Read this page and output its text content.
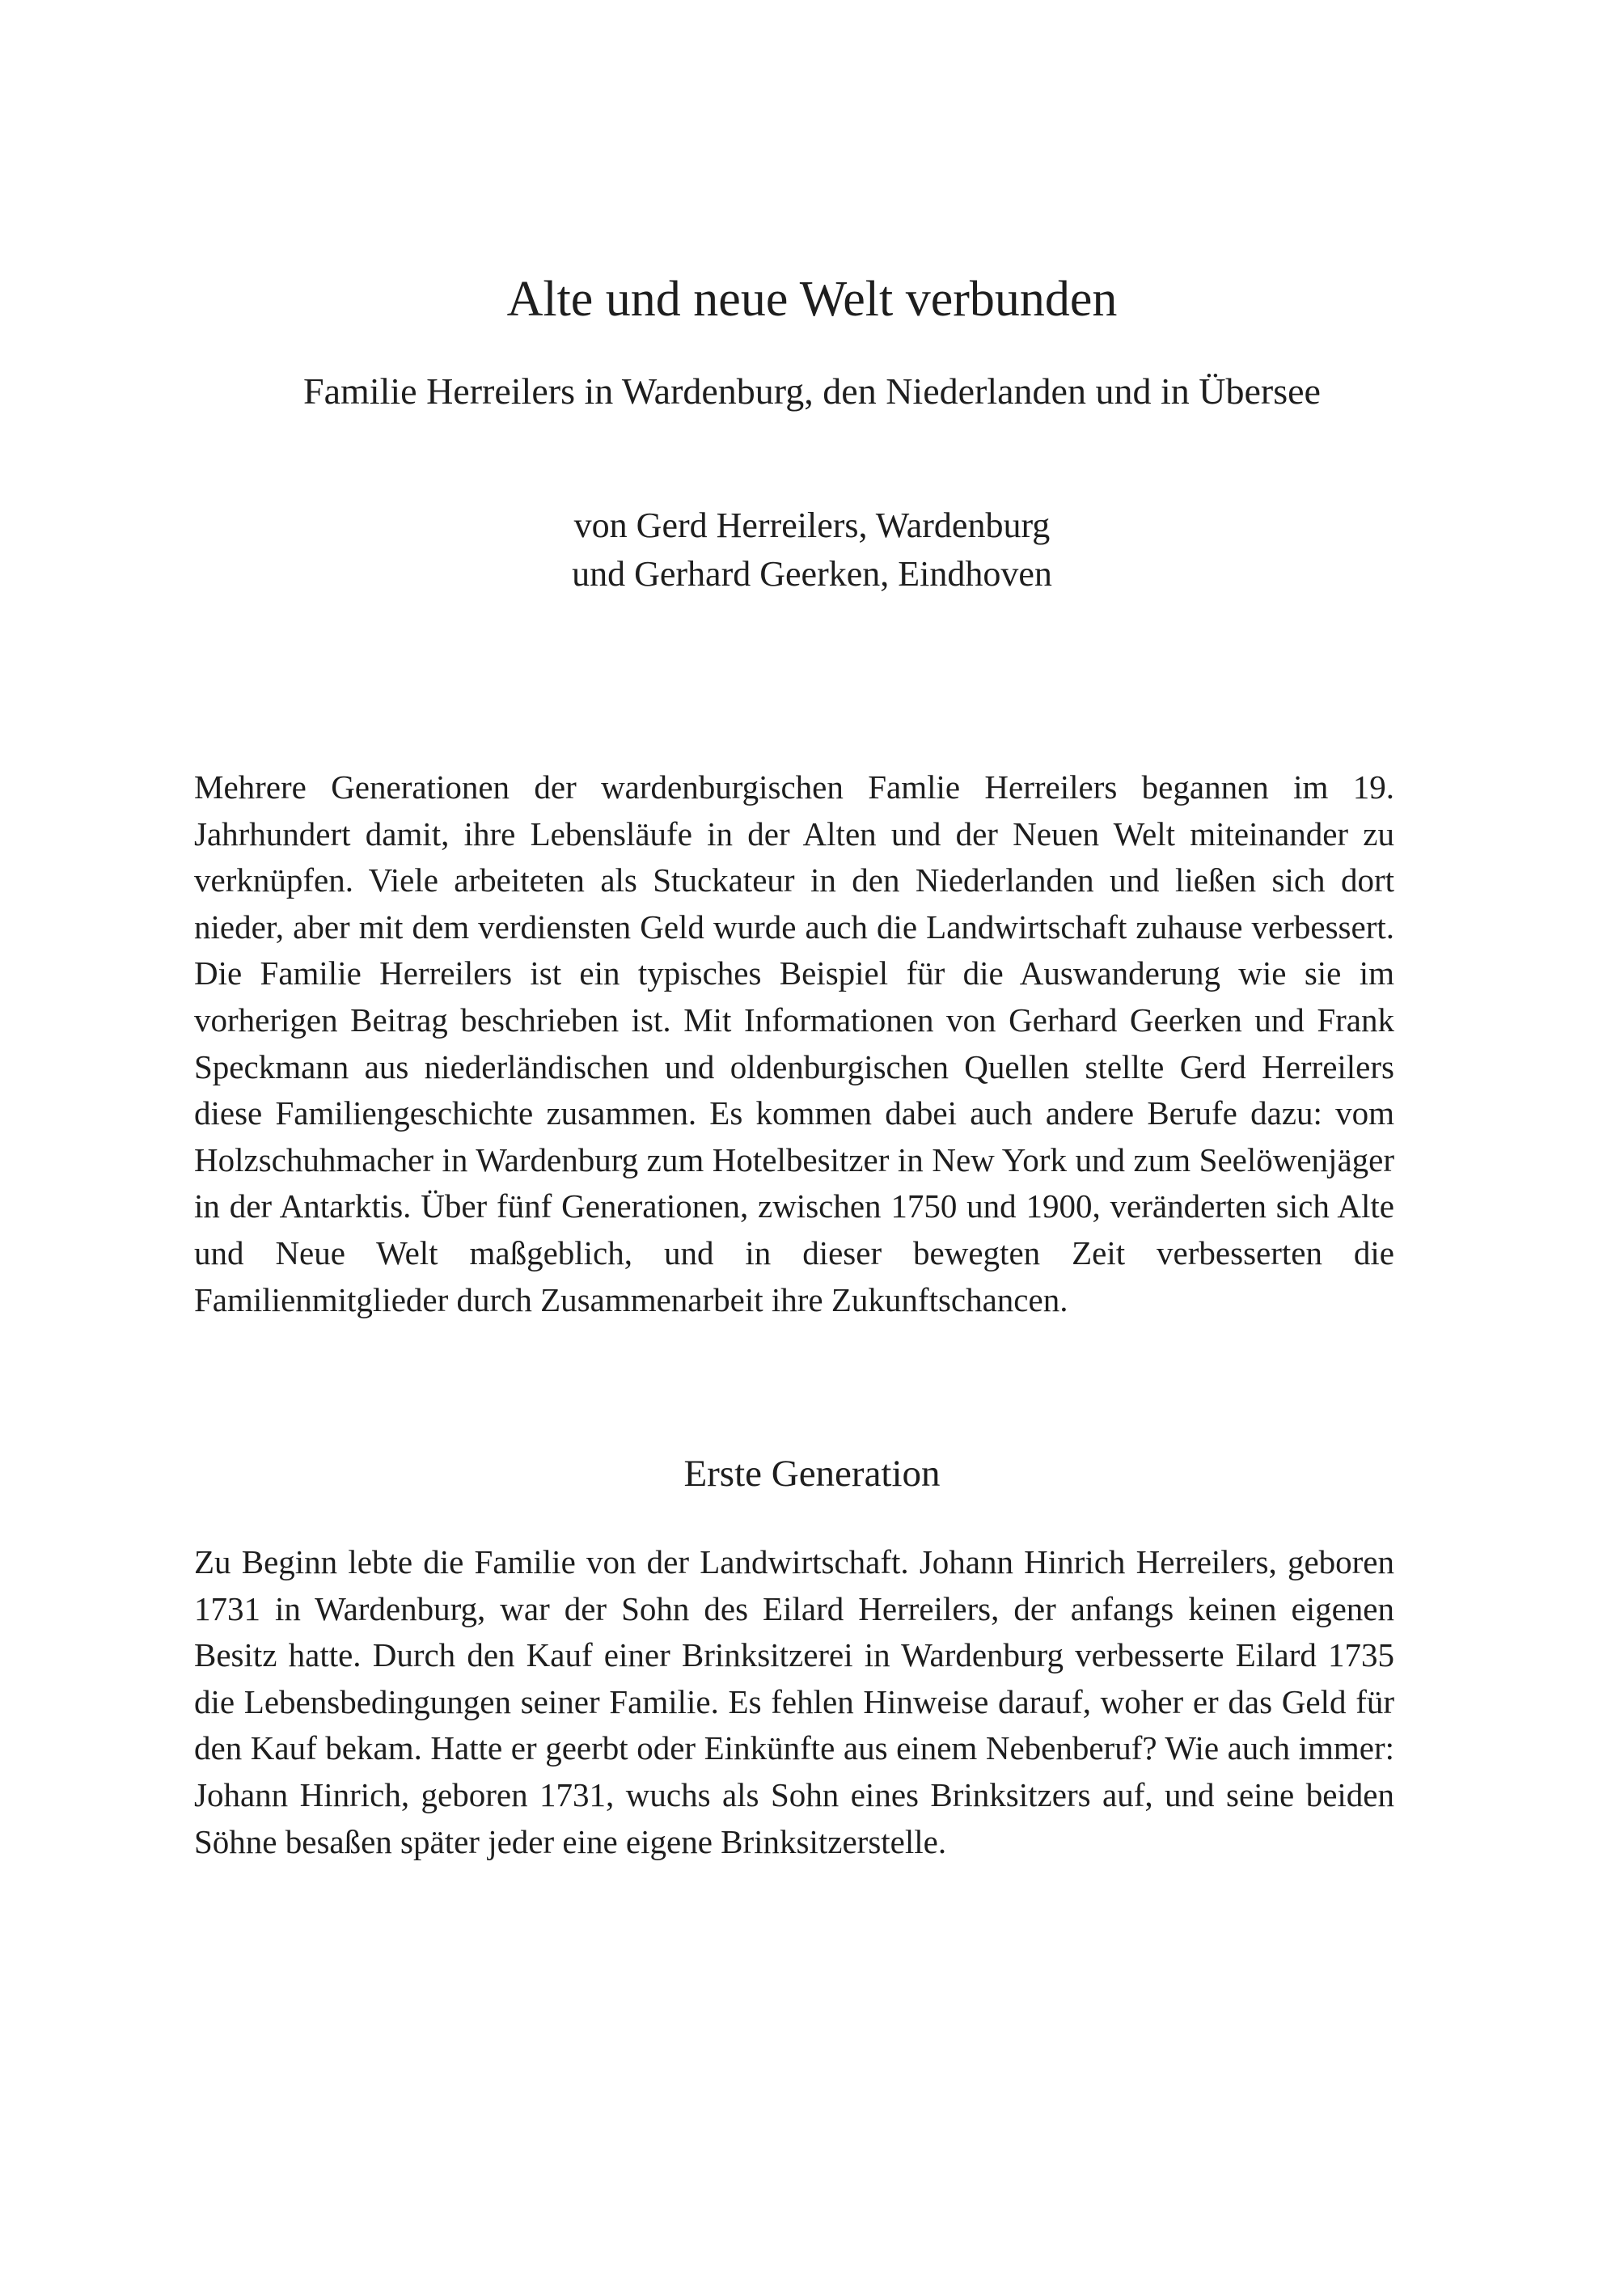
Alte und neue Welt verbunden
Familie Herreilers in Wardenburg, den Niederlanden und in Übersee
von Gerd Herreilers, Wardenburg
und Gerhard Geerken, Eindhoven

Mehrere Generationen der wardenburgischen Famlie Herreilers begannen im 19. Jahrhundert damit, ihre Lebensläufe in der Alten und der Neuen Welt miteinander zu verknüpfen. Viele arbeiteten als Stuckateur in den Niederlanden und ließen sich dort nieder, aber mit dem verdiensten Geld wurde auch die Landwirtschaft zuhause verbessert. Die Familie Herreilers ist ein typisches Beispiel für die Auswanderung wie sie im vorherigen Beitrag beschrieben ist. Mit Informationen von Gerhard Geerken und Frank Speckmann aus niederländischen und oldenburgischen Quellen stellte Gerd Herreilers diese Familiengeschichte zusammen. Es kommen dabei auch andere Berufe dazu: vom Holzschuhmacher in Wardenburg zum Hotelbesitzer in New York und zum Seelöwenjäger in der Antarktis. Über fünf Generationen, zwischen 1750 und 1900, veränderten sich Alte und Neue Welt maßgeblich, und in dieser bewegten Zeit verbesserten die Familienmitglieder durch Zusammenarbeit ihre Zukunftschancen.

Erste Generation

Zu Beginn lebte die Familie von der Landwirtschaft. Johann Hinrich Herreilers, geboren 1731 in Wardenburg, war der Sohn des Eilard Herreilers, der anfangs keinen eigenen Besitz hatte. Durch den Kauf einer Brinksitzerei in Wardenburg verbesserte Eilard 1735 die Lebensbedingungen seiner Familie. Es fehlen Hinweise darauf, woher er das Geld für den Kauf bekam. Hatte er geerbt oder Einkünfte aus einem Nebenberuf? Wie auch immer: Johann Hinrich, geboren 1731, wuchs als Sohn eines Brinksitzers auf, und seine beiden Söhne besaßen später jeder eine eigene Brinksitzerstelle.
